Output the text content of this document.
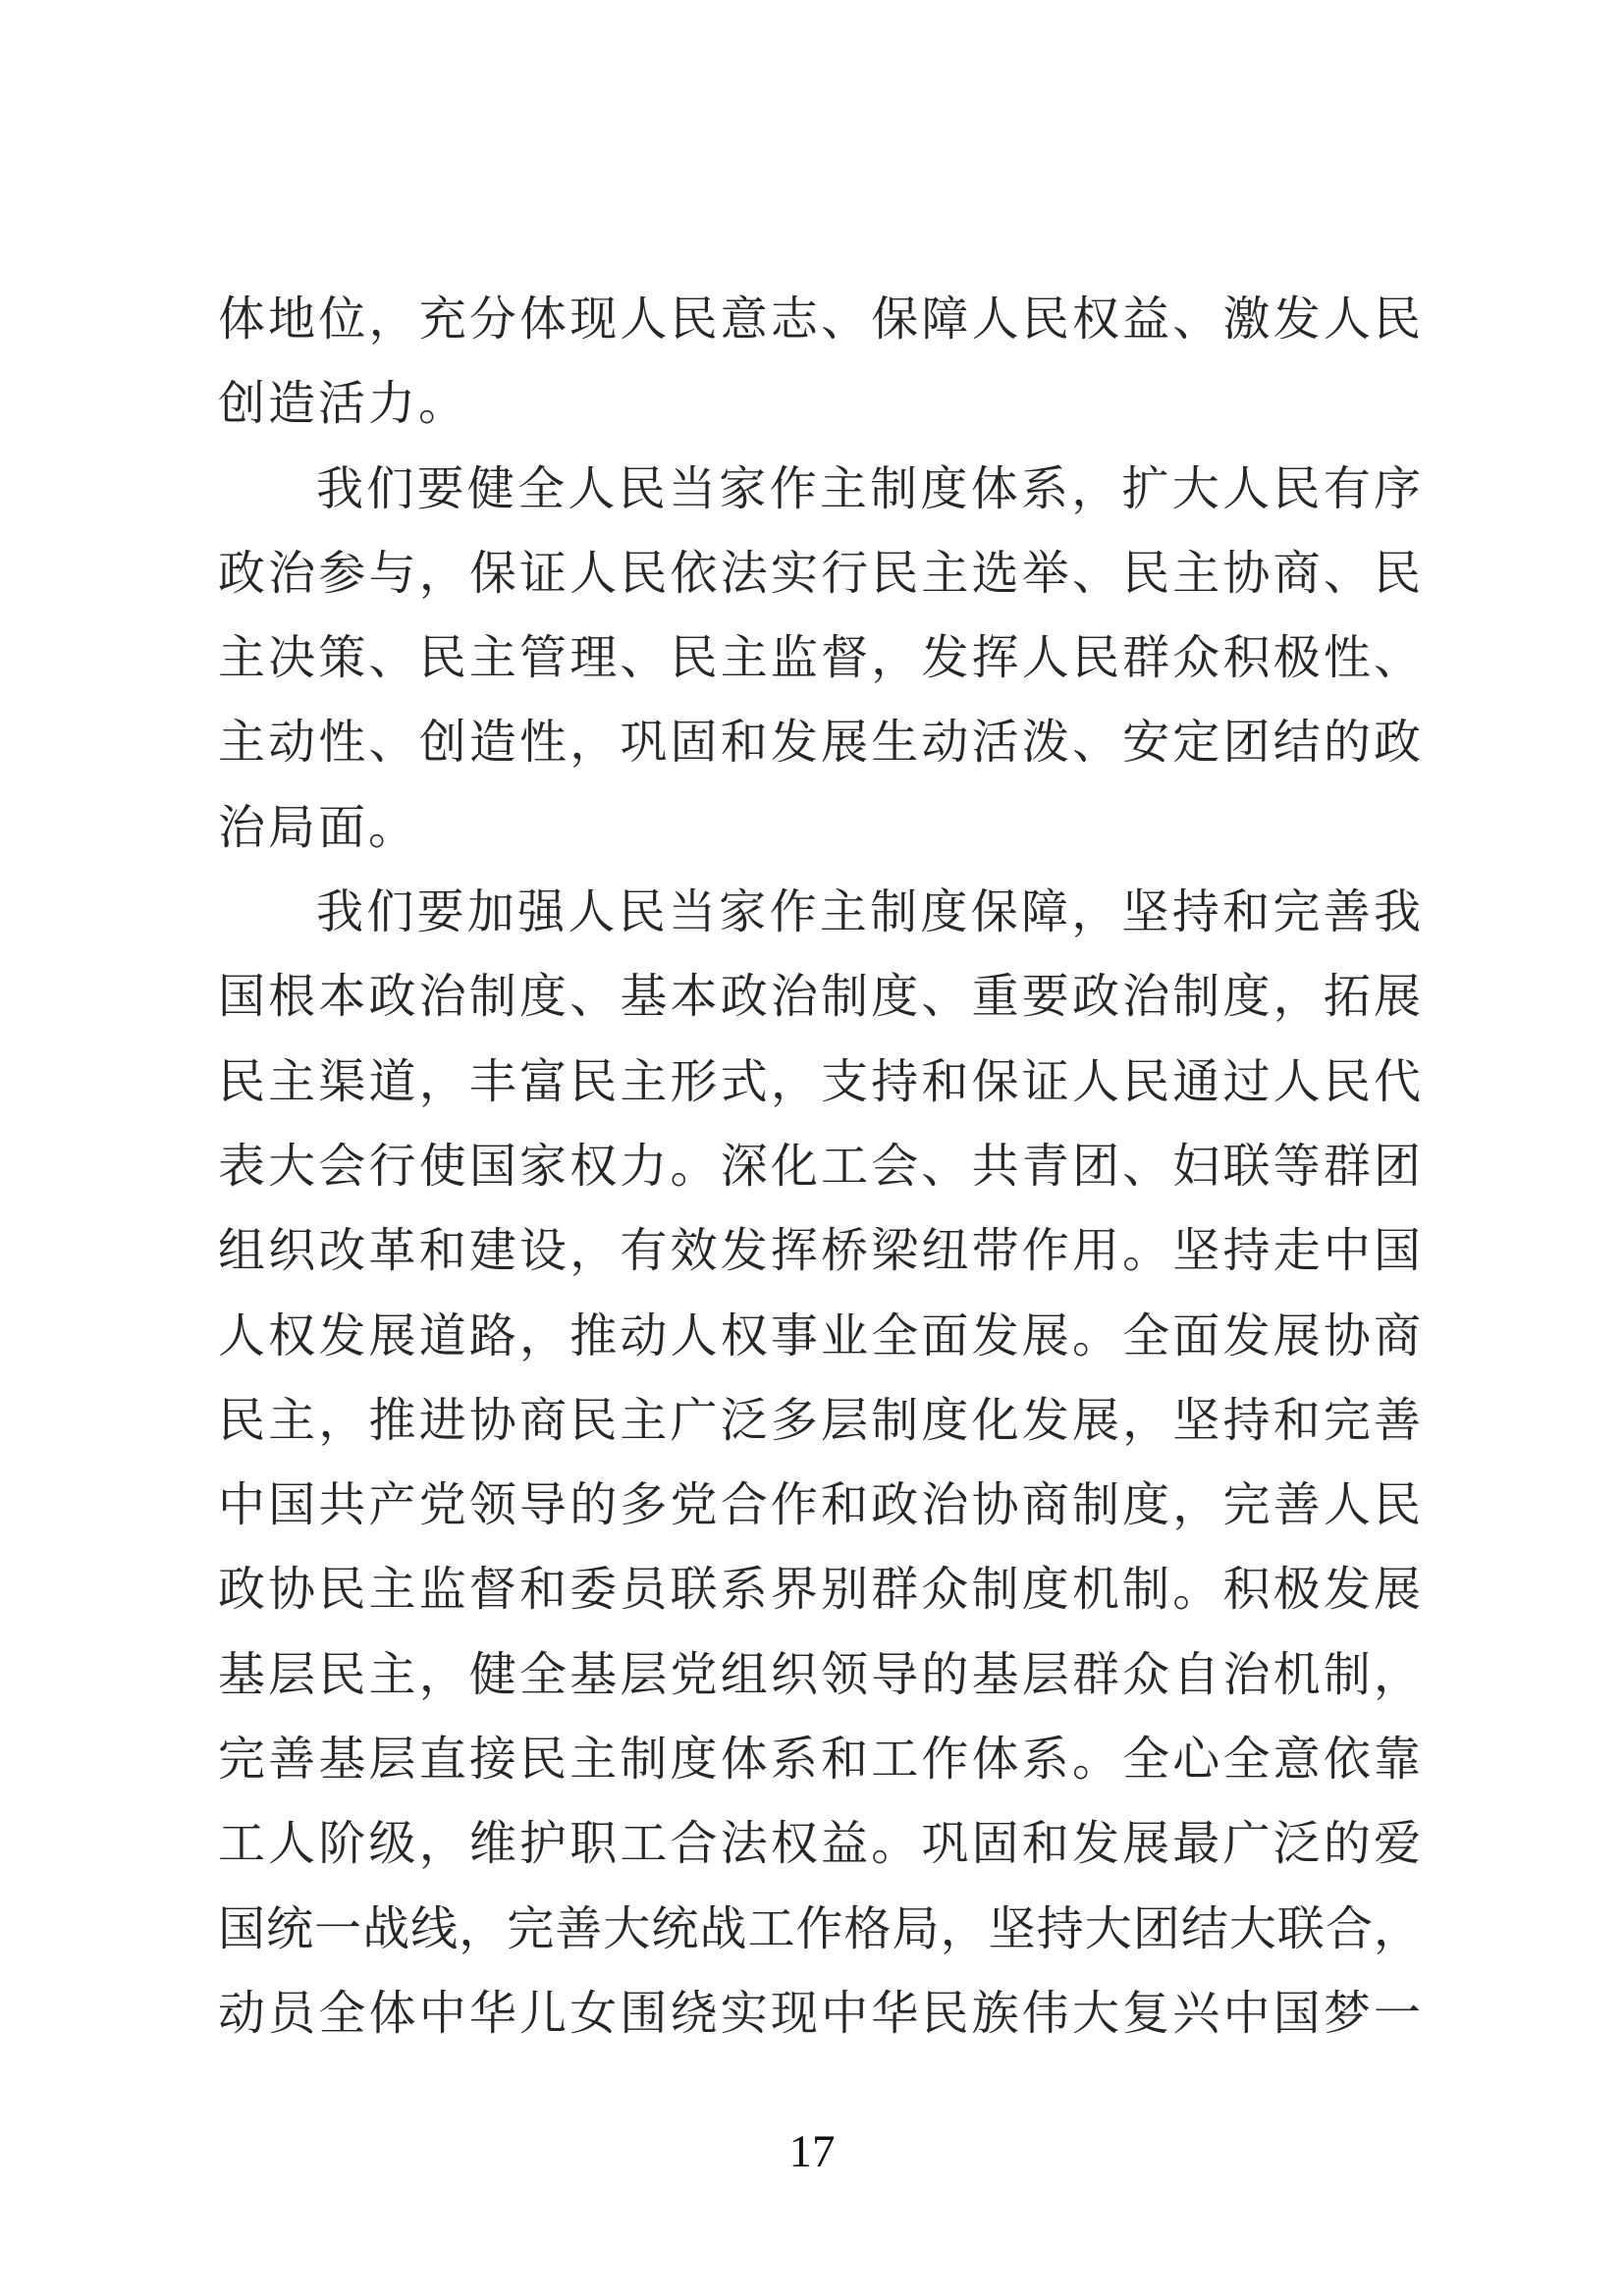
体地位，充分体现人民意志、保障人民权益、激发人民
创造活力。
我们要健全人民当家作主制度体系，扩大人民有序
政治参与，保证人民依法实行民主选举、民主协商、民
主决策、民主管理、民主监督，发挥人民群众积极性、
主动性、创造性，巩固和发展生动活泼、安定团结的政
治局面。
我们要加强人民当家作主制度保障，坚持和完善我
国根本政治制度、基本政治制度、重要政治制度，拓展
民主渠道，丰富民主形式，支持和保证人民通过人民代
表大会行使国家权力。深化工会、共青团、妇联等群团
组织改革和建设，有效发挥桥梁纽带作用。坚持走中国
人权发展道路，推动人权事业全面发展。全面发展协商
民主，推进协商民主广泛多层制度化发展，坚持和完善
中国共产党领导的多党合作和政治协商制度，完善人民
政协民主监督和委员联系界别群众制度机制。积极发展
基层民主，健全基层党组织领导的基层群众自治机制，
完善基层直接民主制度体系和工作体系。全心全意依靠
工人阶级，维护职工合法权益。巩固和发展最广泛的爱
国统一战线，完善大统战工作格局，坚持大团结大联合，
动员全体中华儿女围绕实现中华民族伟大复兴中国梦一
17
